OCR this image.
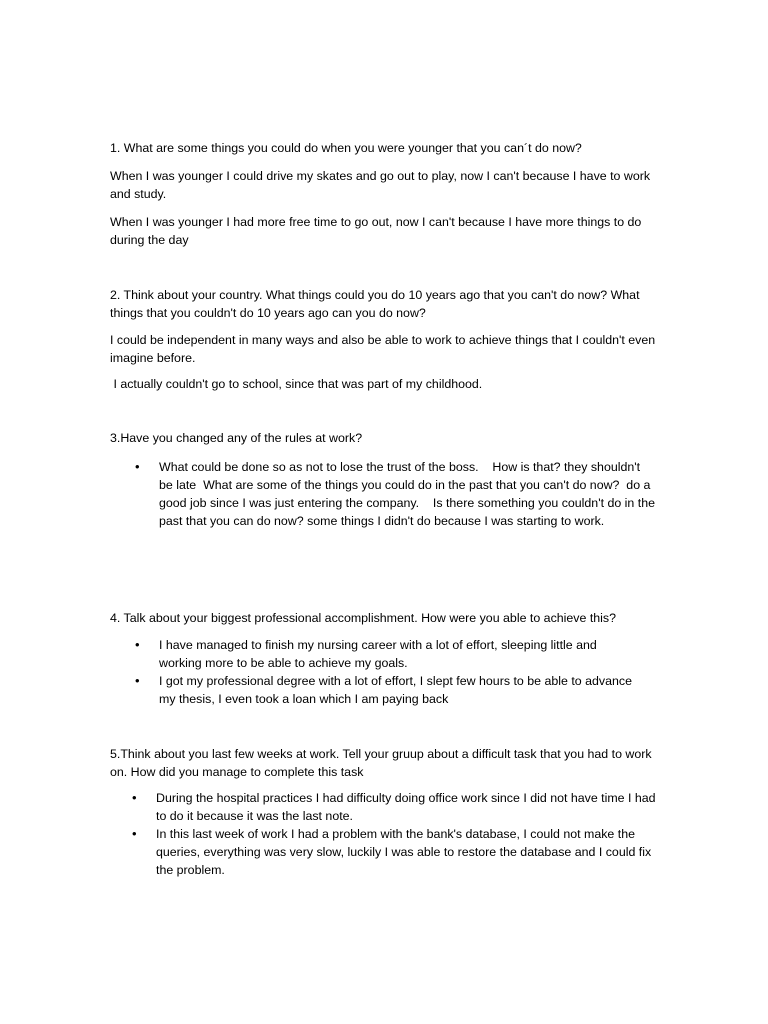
1. What are some things you could do when you were younger that you can´t do now?

When I was younger I could drive my skates and go out to play, now I can't because I have to work and study.

When I was younger I had more free time to go out, now I can't because I have more things to do during the day

2. Think about your country. What things could you do 10 years ago that you can't do now? What things that you couldn't do 10 years ago can you do now?

I could be independent in many ways and also be able to work to achieve things that I couldn't even imagine before.

I actually couldn't go to school, since that was part of my childhood.

3.Have you changed any of the rules at work?

• What could be done so as not to lose the trust of the boss.    How is that? they shouldn't be late  What are some of the things you could do in the past that you can't do now?  do a good job since I was just entering the company.    Is there something you couldn't do in the past that you can do now? some things I didn't do because I was starting to work.

4. Talk about your biggest professional accomplishment. How were you able to achieve this?

• I have managed to finish my nursing career with a lot of effort, sleeping little and working more to be able to achieve my goals.
• I got my professional degree with a lot of effort, I slept few hours to be able to advance my thesis, I even took a loan which I am paying back

5.Think about you last few weeks at work. Tell your gruup about a difficult task that you had to work on. How did you manage to complete this task

• During the hospital practices I had difficulty doing office work since I did not have time I had to do it because it was the last note.
• In this last week of work I had a problem with the bank's database, I could not make the queries, everything was very slow, luckily I was able to restore the database and I could fix the problem.
